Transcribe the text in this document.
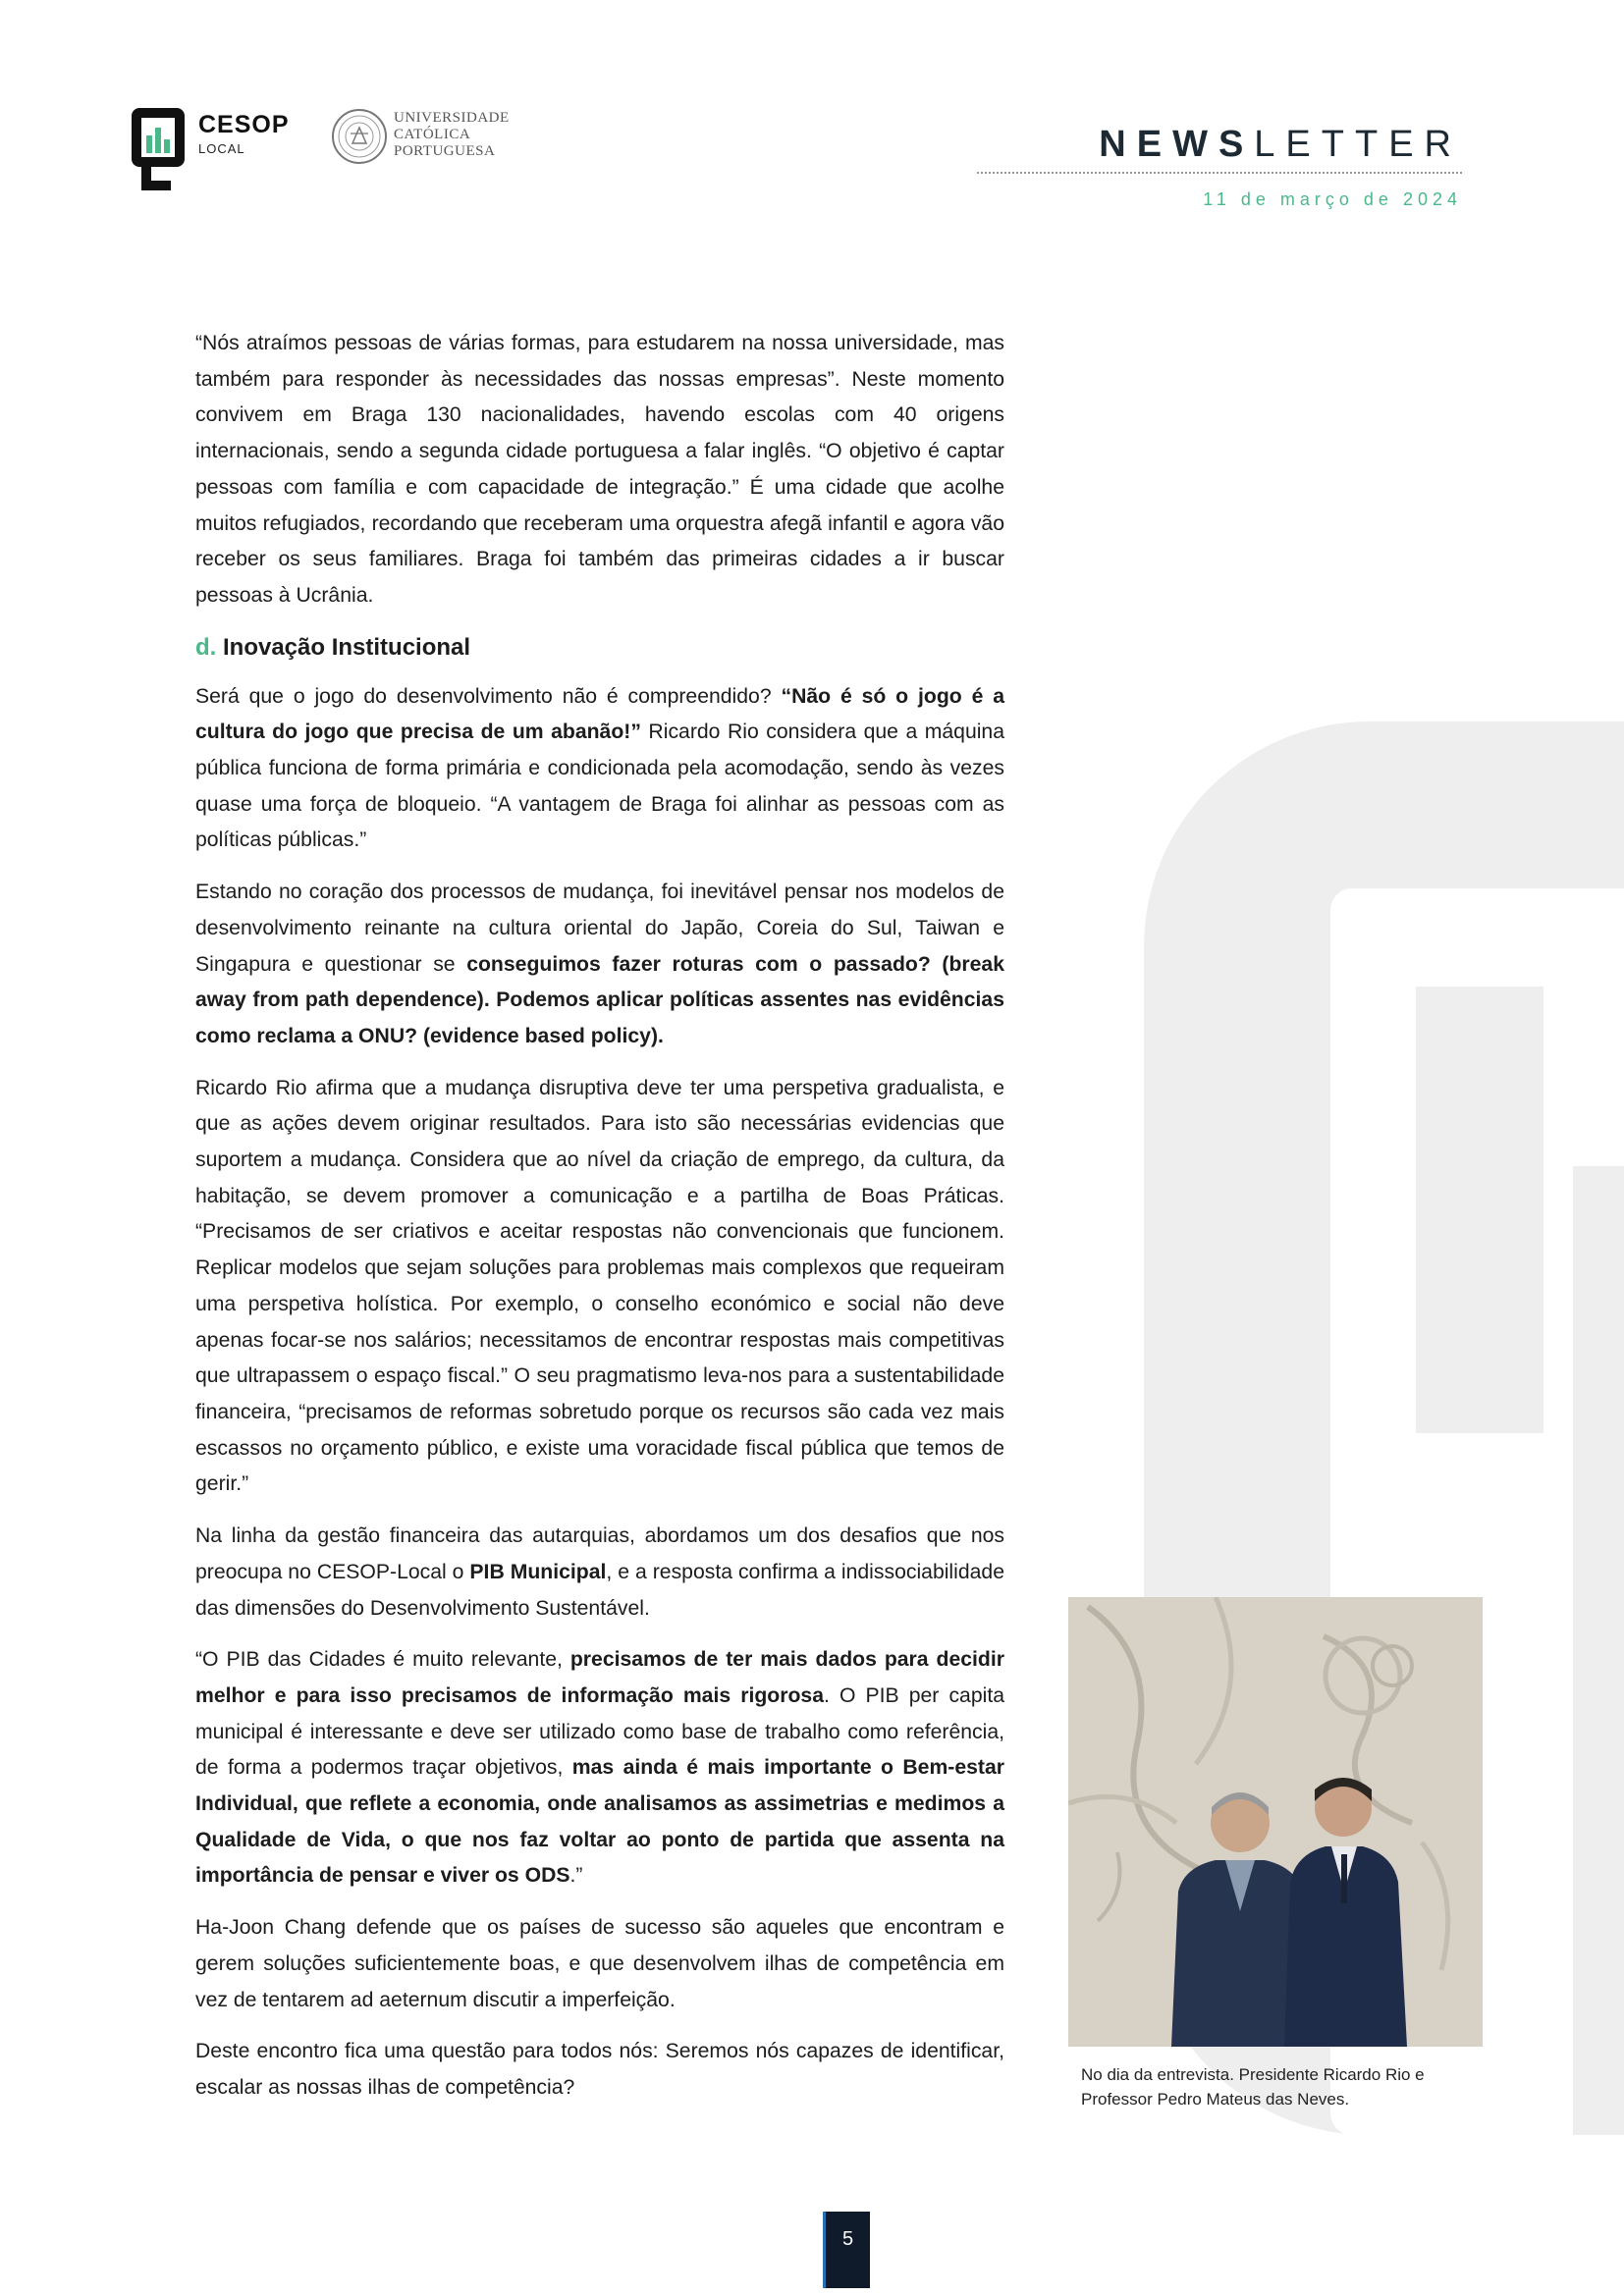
CESOP
LOCAL
UNIVERSIDADE
CATÓLICA
PORTUGUESA	NEWSLETTER
11 de março de 2024

“Nós atraímos pessoas de várias formas, para estudarem na nossa universidade, mas também para responder às necessidades das nossas empresas”. Neste momento convivem em Braga 130 nacionalidades, havendo escolas com 40 origens internacionais, sendo a segunda cidade portuguesa a falar inglês. “O objetivo é captar pessoas com família e com capacidade de integração.” É uma cidade que acolhe muitos refugiados, recordando que receberam uma orquestra afegã infantil e agora vão receber os seus familiares. Braga foi também das primeiras cidades a ir buscar pessoas à Ucrânia.

d. Inovação Institucional

Será que o jogo do desenvolvimento não é compreendido? “Não é só o jogo é a cultura do jogo que precisa de um abanão!” Ricardo Rio considera que a máquina pública funciona de forma primária e condicionada pela acomodação, sendo às vezes quase uma força de bloqueio. “A vantagem de Braga foi alinhar as pessoas com as políticas públicas.”

Estando no coração dos processos de mudança, foi inevitável pensar nos modelos de desenvolvimento reinante na cultura oriental do Japão, Coreia do Sul, Taiwan e Singapura e questionar se conseguimos fazer roturas com o passado? (break away from path dependence). Podemos aplicar políticas assentes nas evidências como reclama a ONU? (evidence based policy).

Ricardo Rio afirma que a mudança disruptiva deve ter uma perspetiva gradualista, e que as ações devem originar resultados. Para isto são necessárias evidencias que suportem a mudança. Considera que ao nível da criação de emprego, da cultura, da habitação, se devem promover a comunicação e a partilha de Boas Práticas. “Precisamos de ser criativos e aceitar respostas não convencionais que funcionem. Replicar modelos que sejam soluções para problemas mais complexos que requeiram uma perspetiva holística. Por exemplo, o conselho económico e social não deve apenas focar-se nos salários; necessitamos de encontrar respostas mais competitivas que ultrapassem o espaço fiscal.” O seu pragmatismo leva-nos para a sustentabilidade financeira, “precisamos de reformas sobretudo porque os recursos são cada vez mais escassos no orçamento público, e existe uma voracidade fiscal pública que temos de gerir.”

Na linha da gestão financeira das autarquias, abordamos um dos desafios que nos preocupa no CESOP-Local o PIB Municipal, e a resposta confirma a indissociabilidade das dimensões do Desenvolvimento Sustentável.

“O PIB das Cidades é muito relevante, precisamos de ter mais dados para decidir melhor e para isso precisamos de informação mais rigorosa. O PIB per capita municipal é interessante e deve ser utilizado como base de trabalho como referência, de forma a podermos traçar objetivos, mas ainda é mais importante o Bem-estar Individual, que reflete a economia, onde analisamos as assimetrias e medimos a Qualidade de Vida, o que nos faz voltar ao ponto de partida que assenta na importância de pensar e viver os ODS.”

Ha-Joon Chang defende que os países de sucesso são aqueles que encontram e gerem soluções suficientemente boas, e que desenvolvem ilhas de competência em vez de tentarem ad aeternum discutir a imperfeição.

Deste encontro fica uma questão para todos nós: Seremos nós capazes de identificar, escalar as nossas ilhas de competência?

No dia da entrevista. Presidente Ricardo Rio e Professor Pedro Mateus das Neves.
5
